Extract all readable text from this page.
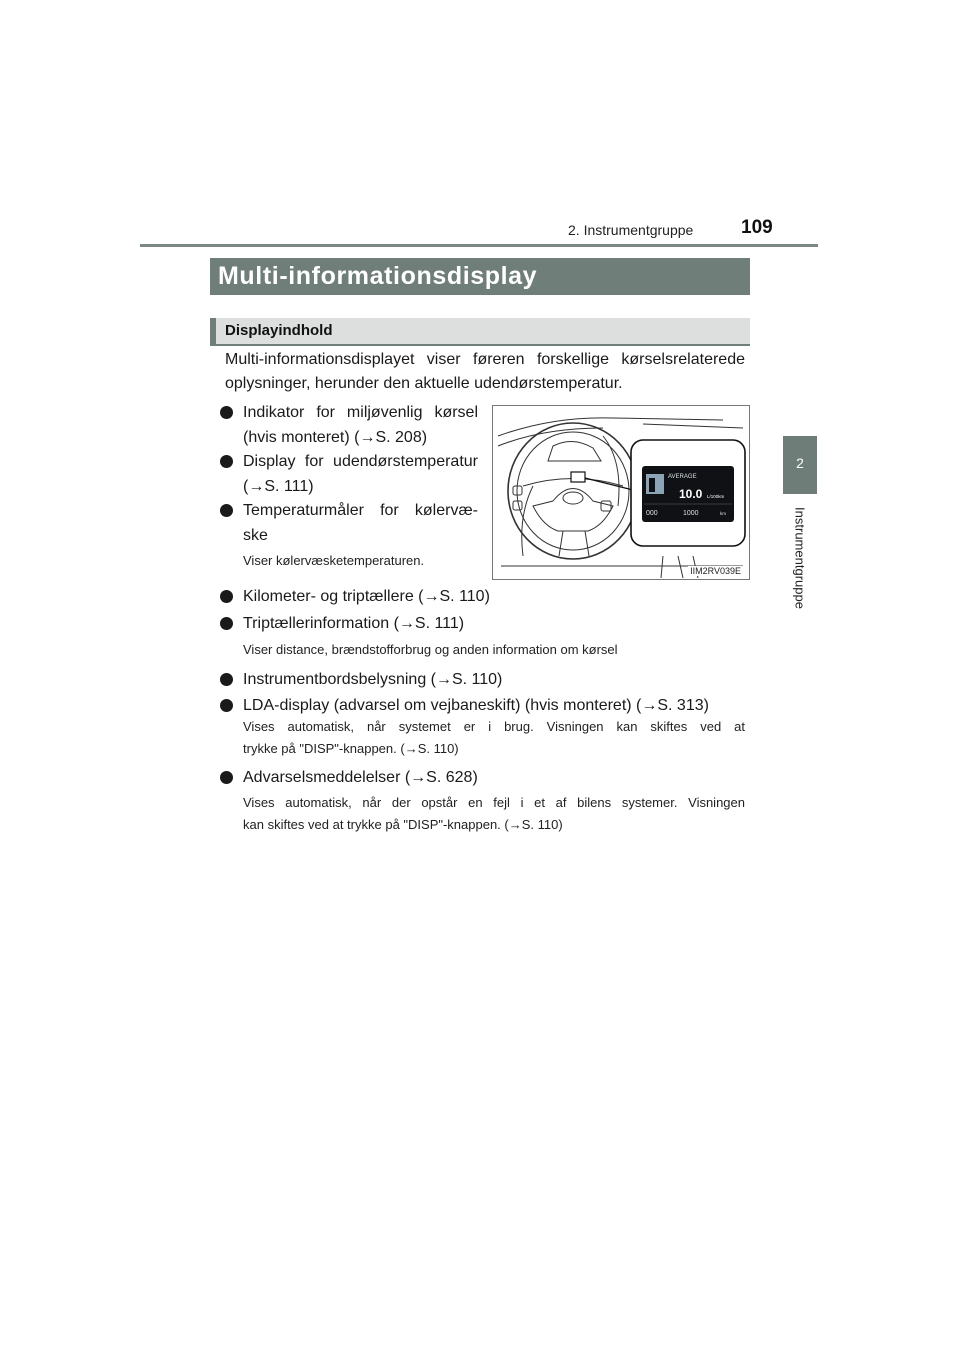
2. Instrumentgruppe	109
2
Instrumentgruppe
Multi-informationsdisplay
Displayindhold
Multi-informationsdisplayet viser føreren forskellige kørselsrelaterede oplysninger, herunder den aktuelle udendørstemperatur.
Indikator for miljøvenlig kørsel
(hvis monteret) (→S. 208)
Display for udendørstemperatur
(→S. 111)
Temperaturmåler for kølervæ-
ske
Viser kølervæsketemperaturen.
Kilometer- og triptællere (→S. 110)
Triptællerinformation (→S. 111)
Viser distance, brændstofforbrug og anden information om kørsel
Instrumentbordsbelysning (→S. 110)
LDA-display (advarsel om vejbaneskift) (hvis monteret) (→S. 313)
Vises automatisk, når systemet er i brug. Visningen kan skiftes ved at
trykke på "DISP"-knappen. (→S. 110)
Advarselsmeddelelser (→S. 628)
Vises automatisk, når der opstår en fejl i et af bilens systemer. Visningen
kan skiftes ved at trykke på "DISP"-knappen. (→S. 110)
AVERAGE
10.0 L/100km
000	1000	km
IIM2RV039E
